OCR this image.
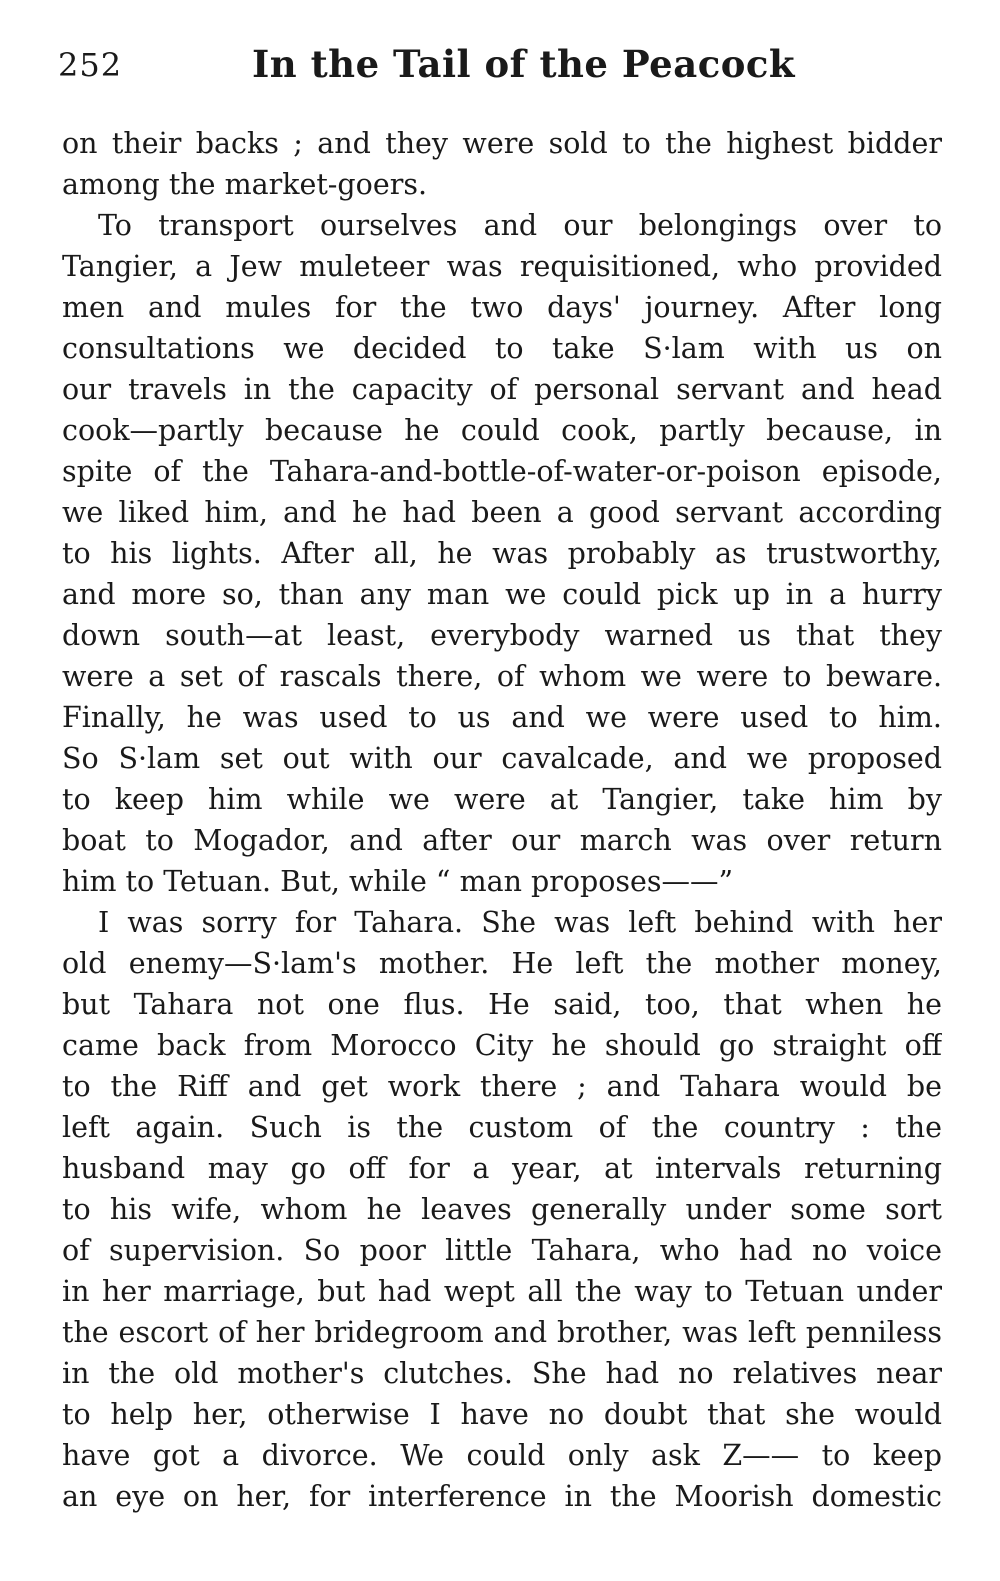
252	In the Tail of the Peacock
on their backs ; and they were sold to the highest bidder
among the market-goers.
To transport ourselves and our belongings over to
Tangier, a Jew muleteer was requisitioned, who provided
men and mules for the two days' journey. After long
consultations we decided to take S·lam with us on
our travels in the capacity of personal servant and head
cook—partly because he could cook, partly because, in
spite of the Tahara-and-bottle-of-water-or-poison episode,
we liked him, and he had been a good servant according
to his lights. After all, he was probably as trustworthy,
and more so, than any man we could pick up in a hurry
down south—at least, everybody warned us that they
were a set of rascals there, of whom we were to beware.
Finally, he was used to us and we were used to him.
So S·lam set out with our cavalcade, and we proposed
to keep him while we were at Tangier, take him by
boat to Mogador, and after our march was over return
him to Tetuan. But, while “ man proposes——”
I was sorry for Tahara. She was left behind with her
old enemy—S·lam's mother. He left the mother money,
but Tahara not one flus. He said, too, that when he
came back from Morocco City he should go straight off
to the Riff and get work there ; and Tahara would be
left again. Such is the custom of the country : the
husband may go off for a year, at intervals returning
to his wife, whom he leaves generally under some sort
of supervision. So poor little Tahara, who had no voice
in her marriage, but had wept all the way to Tetuan under
the escort of her bridegroom and brother, was left penniless
in the old mother's clutches. She had no relatives near
to help her, otherwise I have no doubt that she would
have got a divorce. We could only ask Z—— to keep
an eye on her, for interference in the Moorish domestic
